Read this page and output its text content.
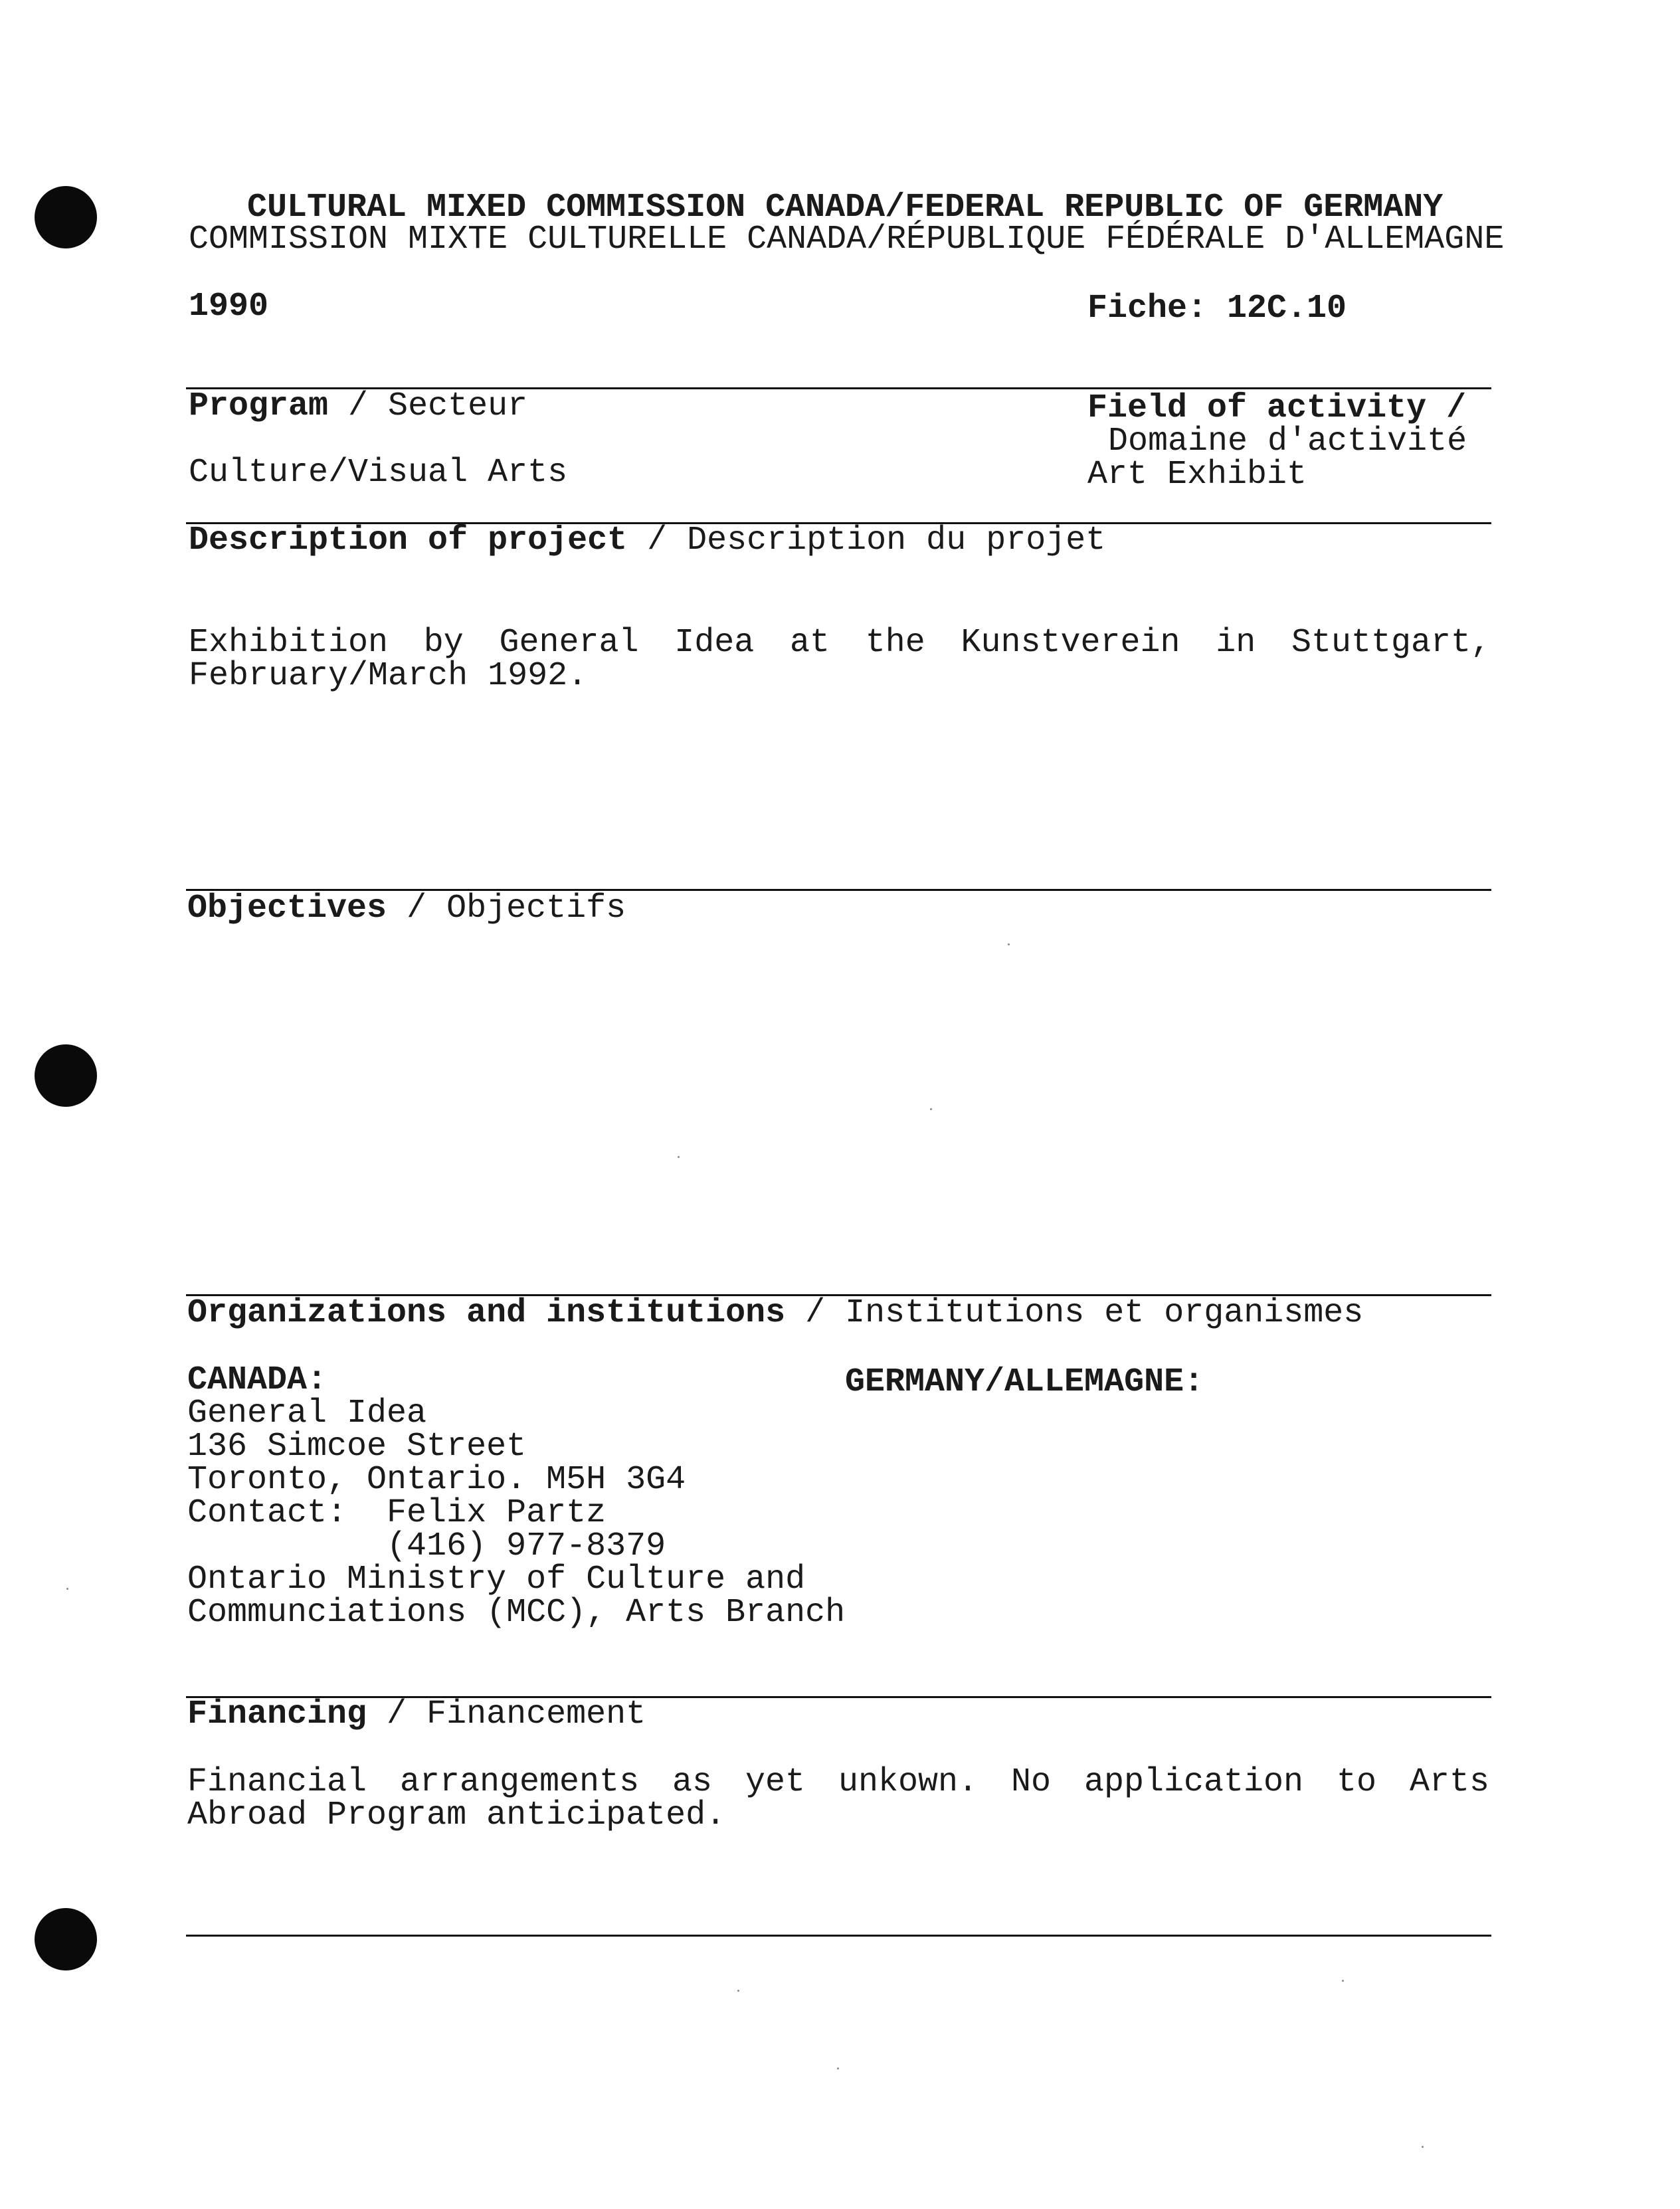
CULTURAL MIXED COMMISSION CANADA/FEDERAL REPUBLIC OF GERMANY
COMMISSION MIXTE CULTURELLE CANADA/RÉPUBLIQUE FÉDÉRALE D'ALLEMAGNE
1990	Fiche: 12C.10
Program / Secteur	Field of activity /
Domaine d'activité
Culture/Visual Arts	Art Exhibit
Description of project / Description du projet
Exhibition by General Idea at the Kunstverein in Stuttgart,
February/March 1992.
Objectives / Objectifs
Organizations and institutions / Institutions et organismes
CANADA:	GERMANY/ALLEMAGNE:
General Idea
136 Simcoe Street
Toronto, Ontario. M5H 3G4
Contact:  Felix Partz
(416) 977-8379
Ontario Ministry of Culture and
Communciations (MCC), Arts Branch
Financing / Financement
Financial arrangements as yet unkown. No application to Arts
Abroad Program anticipated.
